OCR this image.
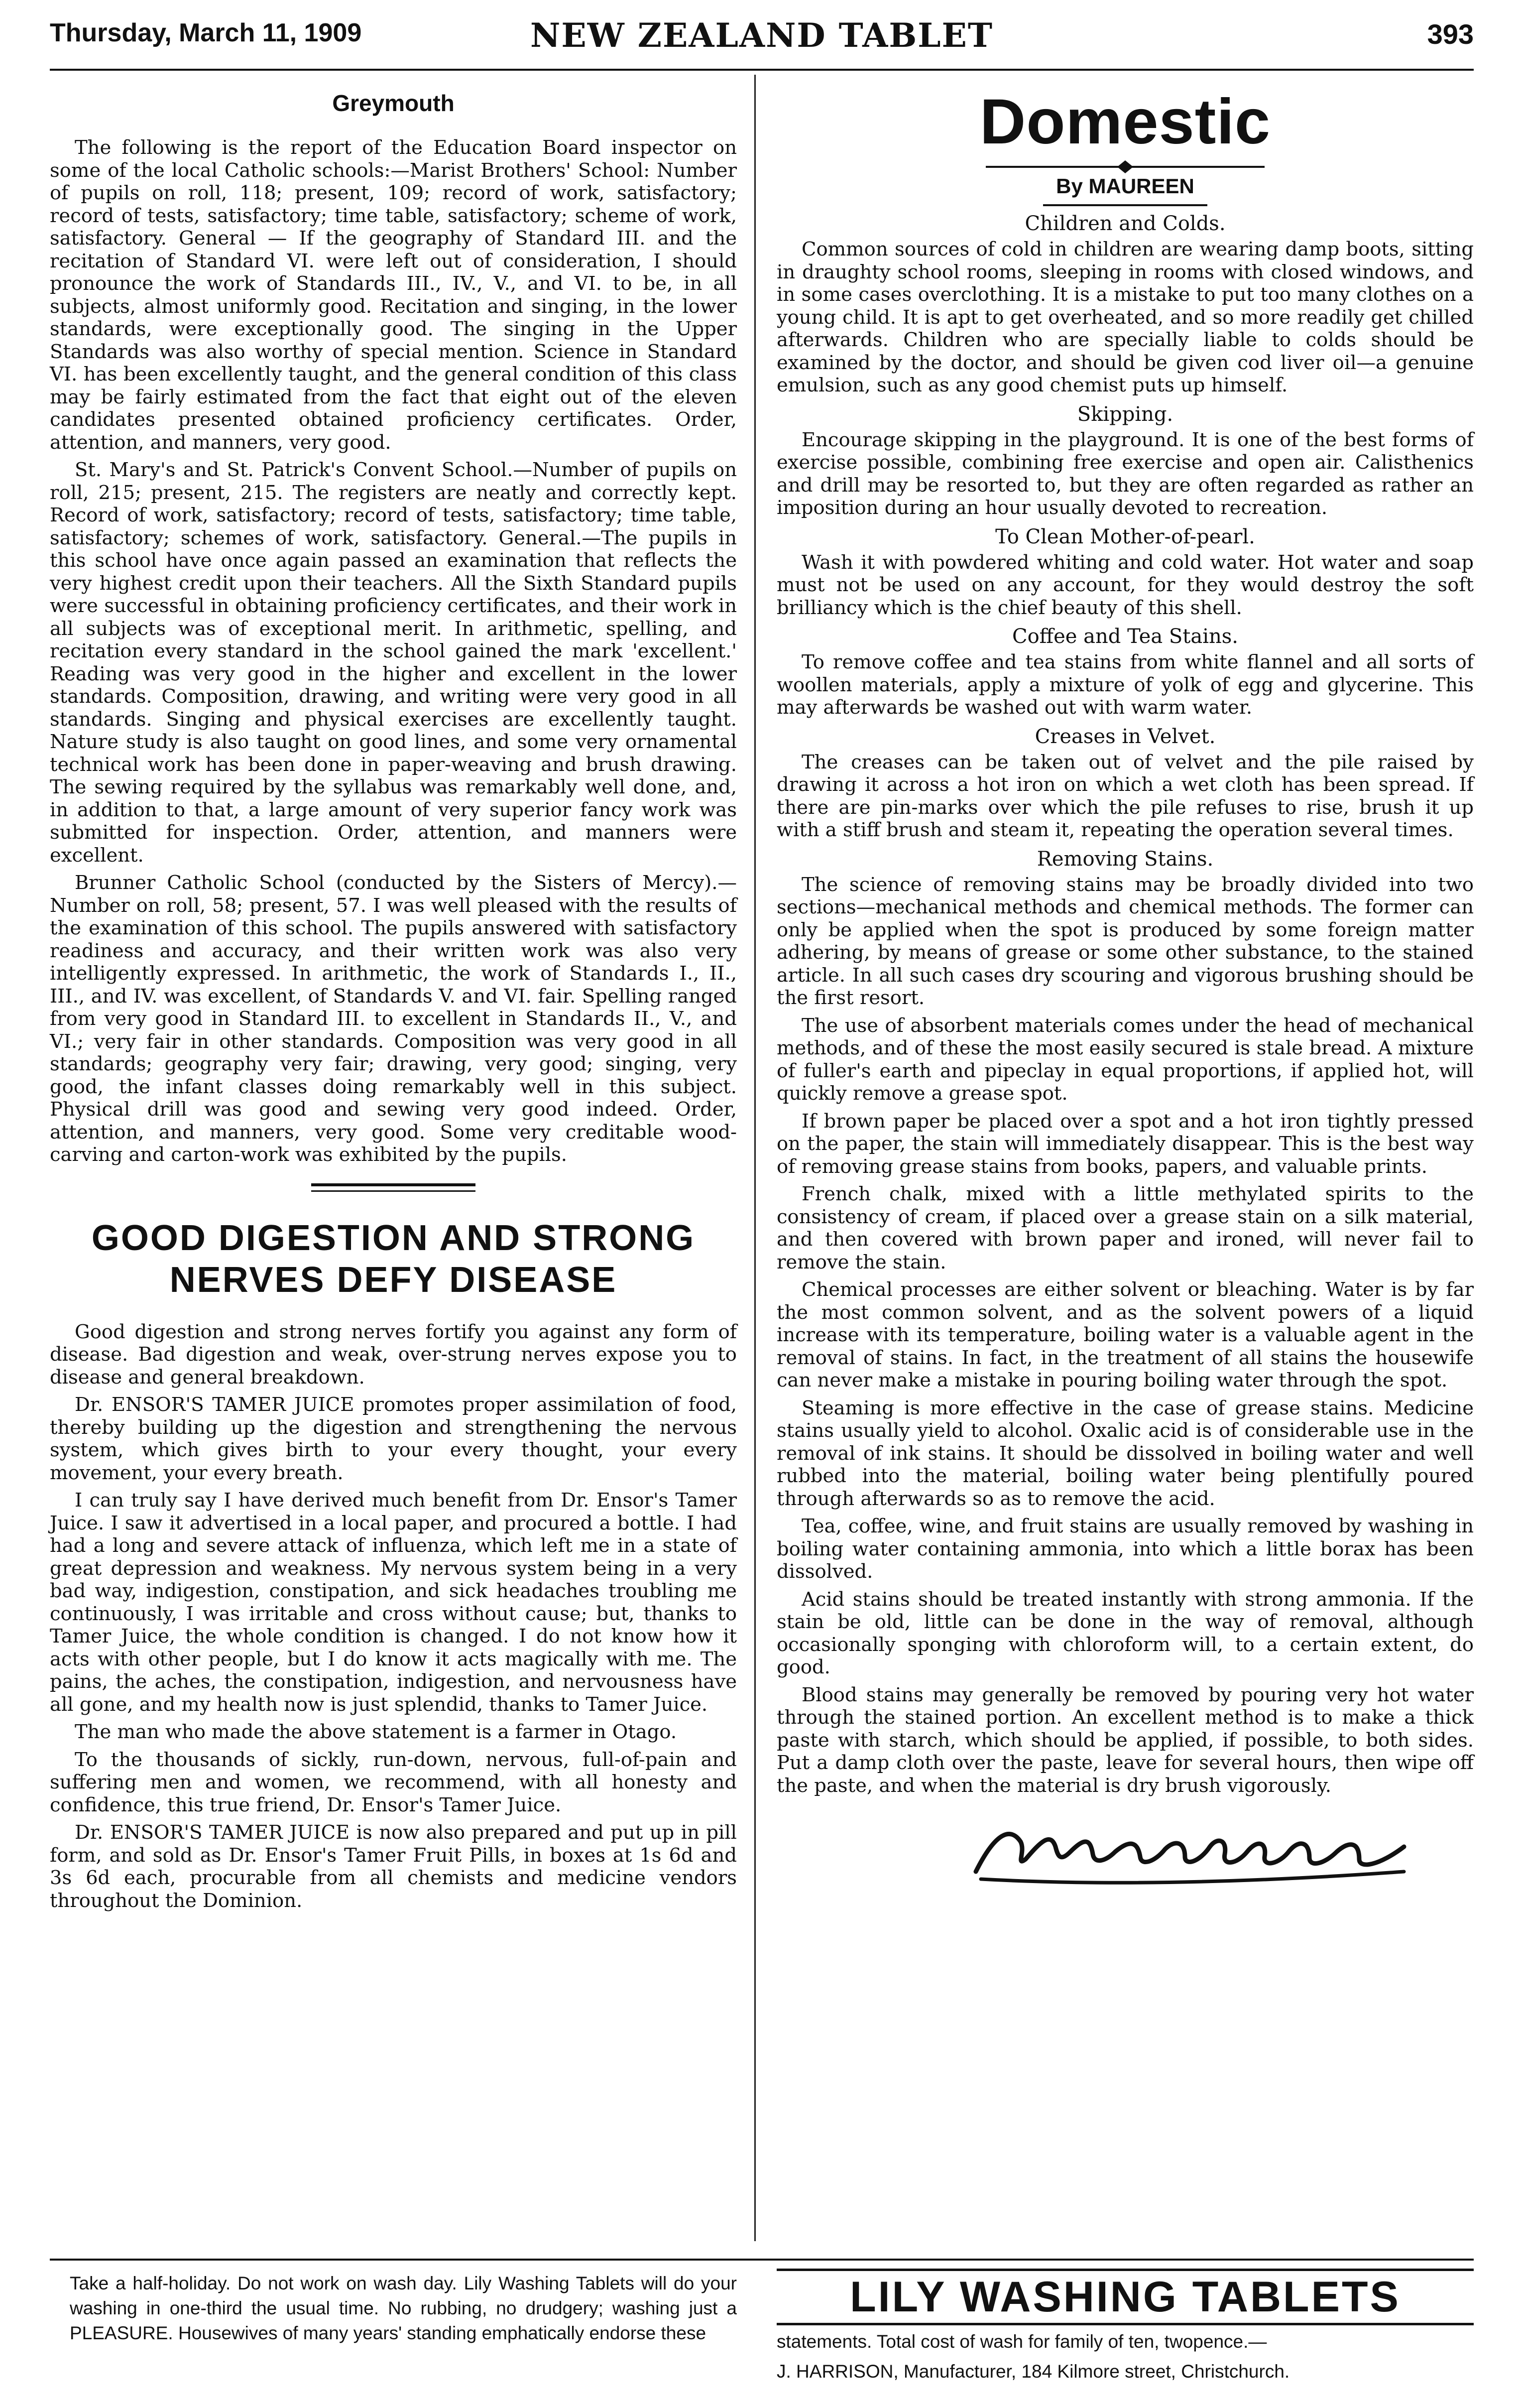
Thursday, March 11, 1909	NEW ZEALAND TABLET	393
Greymouth

The following is the report of the Education Board inspector on some of the local Catholic schools:—Marist Brothers' School: Number of pupils on roll, 118; present, 109; record of work, satisfactory; record of tests, satisfactory; time table, satisfactory; scheme of work, satisfactory. General — If the geography of Standard III. and the recitation of Standard VI. were left out of consideration, I should pronounce the work of Standards III., IV., V., and VI. to be, in all subjects, almost uniformly good. Recitation and singing, in the lower standards, were exceptionally good. The singing in the Upper Standards was also worthy of special mention. Science in Standard VI. has been excellently taught, and the general condition of this class may be fairly estimated from the fact that eight out of the eleven candidates presented obtained proficiency certificates. Order, attention, and manners, very good.

St. Mary's and St. Patrick's Convent School.—Number of pupils on roll, 215; present, 215. The registers are neatly and correctly kept. Record of work, satisfactory; record of tests, satisfactory; time table, satisfactory; schemes of work, satisfactory. General.—The pupils in this school have once again passed an examination that reflects the very highest credit upon their teachers. All the Sixth Standard pupils were successful in obtaining proficiency certificates, and their work in all subjects was of exceptional merit. In arithmetic, spelling, and recitation every standard in the school gained the mark 'excellent.' Reading was very good in the higher and excellent in the lower standards. Composition, drawing, and writing were very good in all standards. Singing and physical exercises are excellently taught. Nature study is also taught on good lines, and some very ornamental technical work has been done in paper-weaving and brush drawing. The sewing required by the syllabus was remarkably well done, and, in addition to that, a large amount of very superior fancy work was submitted for inspection. Order, attention, and manners were excellent.

Brunner Catholic School (conducted by the Sisters of Mercy).—Number on roll, 58; present, 57. I was well pleased with the results of the examination of this school. The pupils answered with satisfactory readiness and accuracy, and their written work was also very intelligently expressed. In arithmetic, the work of Standards I., II., III., and IV. was excellent, of Standards V. and VI. fair. Spelling ranged from very good in Standard III. to excellent in Standards II., V., and VI.; very fair in other standards. Composition was very good in all standards; geography very fair; drawing, very good; singing, very good, the infant classes doing remarkably well in this subject. Physical drill was good and sewing very good indeed. Order, attention, and manners, very good. Some very creditable wood-carving and carton-work was exhibited by the pupils.

GOOD DIGESTION AND STRONG
NERVES DEFY DISEASE

Good digestion and strong nerves fortify you against any form of disease. Bad digestion and weak, over-strung nerves expose you to disease and general breakdown.

Dr. ENSOR'S TAMER JUICE promotes proper assimilation of food, thereby building up the digestion and strengthening the nervous system, which gives birth to your every thought, your every movement, your every breath.

I can truly say I have derived much benefit from Dr. Ensor's Tamer Juice. I saw it advertised in a local paper, and procured a bottle. I had had a long and severe attack of influenza, which left me in a state of great depression and weakness. My nervous system being in a very bad way, indigestion, constipation, and sick headaches troubling me continuously, I was irritable and cross without cause; but, thanks to Tamer Juice, the whole condition is changed. I do not know how it acts with other people, but I do know it acts magically with me. The pains, the aches, the constipation, indigestion, and nervousness have all gone, and my health now is just splendid, thanks to Tamer Juice.

The man who made the above statement is a farmer in Otago.

To the thousands of sickly, run-down, nervous, full-of-pain and suffering men and women, we recommend, with all honesty and confidence, this true friend, Dr. Ensor's Tamer Juice.

Dr. ENSOR'S TAMER JUICE is now also prepared and put up in pill form, and sold as Dr. Ensor's Tamer Fruit Pills, in boxes at 1s 6d and 3s 6d each, procurable from all chemists and medicine vendors throughout the Dominion.

Domestic
By MAUREEN
Children and Colds.

Common sources of cold in children are wearing damp boots, sitting in draughty school rooms, sleeping in rooms with closed windows, and in some cases overclothing. It is a mistake to put too many clothes on a young child. It is apt to get overheated, and so more readily get chilled afterwards. Children who are specially liable to colds should be examined by the doctor, and should be given cod liver oil—a genuine emulsion, such as any good chemist puts up himself.

Skipping.

Encourage skipping in the playground. It is one of the best forms of exercise possible, combining free exercise and open air. Calisthenics and drill may be resorted to, but they are often regarded as rather an imposition during an hour usually devoted to recreation.

To Clean Mother-of-pearl.

Wash it with powdered whiting and cold water. Hot water and soap must not be used on any account, for they would destroy the soft brilliancy which is the chief beauty of this shell.

Coffee and Tea Stains.

To remove coffee and tea stains from white flannel and all sorts of woollen materials, apply a mixture of yolk of egg and glycerine. This may afterwards be washed out with warm water.

Creases in Velvet.

The creases can be taken out of velvet and the pile raised by drawing it across a hot iron on which a wet cloth has been spread. If there are pin-marks over which the pile refuses to rise, brush it up with a stiff brush and steam it, repeating the operation several times.

Removing Stains.

The science of removing stains may be broadly divided into two sections—mechanical methods and chemical methods. The former can only be applied when the spot is produced by some foreign matter adhering, by means of grease or some other substance, to the stained article. In all such cases dry scouring and vigorous brushing should be the first resort.

The use of absorbent materials comes under the head of mechanical methods, and of these the most easily secured is stale bread. A mixture of fuller's earth and pipeclay in equal proportions, if applied hot, will quickly remove a grease spot.

If brown paper be placed over a spot and a hot iron tightly pressed on the paper, the stain will immediately disappear. This is the best way of removing grease stains from books, papers, and valuable prints.

French chalk, mixed with a little methylated spirits to the consistency of cream, if placed over a grease stain on a silk material, and then covered with brown paper and ironed, will never fail to remove the stain.

Chemical processes are either solvent or bleaching. Water is by far the most common solvent, and as the solvent powers of a liquid increase with its temperature, boiling water is a valuable agent in the removal of stains. In fact, in the treatment of all stains the housewife can never make a mistake in pouring boiling water through the spot.

Steaming is more effective in the case of grease stains. Medicine stains usually yield to alcohol. Oxalic acid is of considerable use in the removal of ink stains. It should be dissolved in boiling water and well rubbed into the material, boiling water being plentifully poured through afterwards so as to remove the acid.

Tea, coffee, wine, and fruit stains are usually removed by washing in boiling water containing ammonia, into which a little borax has been dissolved.

Acid stains should be treated instantly with strong ammonia. If the stain be old, little can be done in the way of removal, although occasionally sponging with chloroform will, to a certain extent, do good.

Blood stains may generally be removed by pouring very hot water through the stained portion. An excellent method is to make a thick paste with starch, which should be applied, if possible, to both sides. Put a damp cloth over the paste, leave for several hours, then wipe off the paste, and when the material is dry brush vigorously.

Take a half-holiday. Do not work on wash day. Lily Washing Tablets will do your washing in one-third the usual time. No rubbing, no drudgery; washing just a PLEASURE. Housewives of many years' standing emphatically endorse these

LILY WASHING TABLETS

statements. Total cost of wash for family of ten, twopence.—

J. HARRISON, Manufacturer, 184 Kilmore street, Christchurch.
